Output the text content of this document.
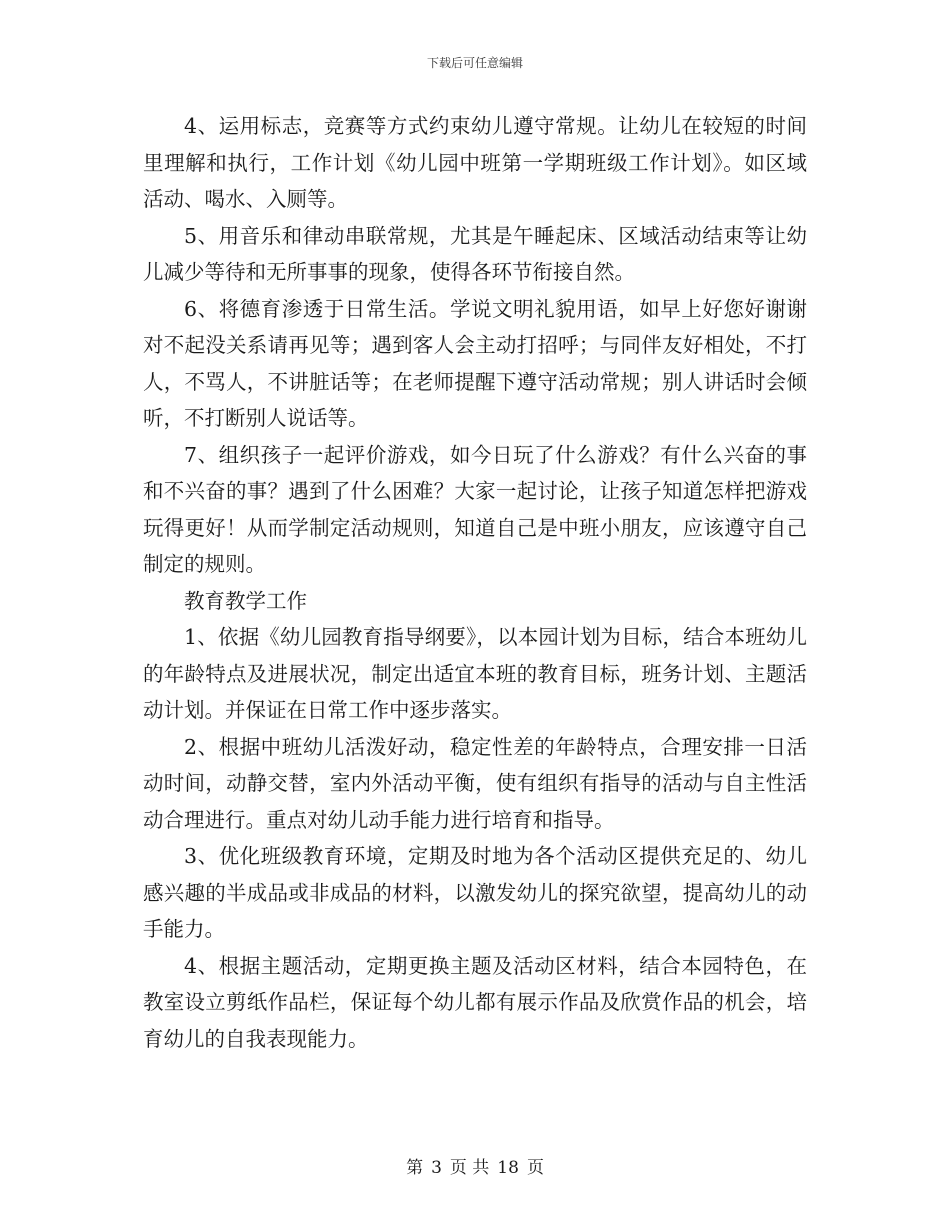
下载后可任意编辑

4、运用标志，竞赛等方式约束幼儿遵守常规。让幼儿在较短的时间里理解和执行，工作计划《幼儿园中班第一学期班级工作计划》。如区域活动、喝水、入厕等。

5、用音乐和律动串联常规，尤其是午睡起床、区域活动结束等让幼儿减少等待和无所事事的现象，使得各环节衔接自然。

6、将德育渗透于日常生活。学说文明礼貌用语，如早上好您好谢谢对不起没关系请再见等；遇到客人会主动打招呼；与同伴友好相处，不打人，不骂人，不讲脏话等；在老师提醒下遵守活动常规；别人讲话时会倾听，不打断别人说话等。

7、组织孩子一起评价游戏，如今日玩了什么游戏？有什么兴奋的事和不兴奋的事？遇到了什么困难？大家一起讨论，让孩子知道怎样把游戏玩得更好！从而学制定活动规则，知道自己是中班小朋友，应该遵守自己制定的规则。

教育教学工作

1、依据《幼儿园教育指导纲要》，以本园计划为目标，结合本班幼儿的年龄特点及进展状况，制定出适宜本班的教育目标，班务计划、主题活动计划。并保证在日常工作中逐步落实。

2、根据中班幼儿活泼好动，稳定性差的年龄特点，合理安排一日活动时间，动静交替，室内外活动平衡，使有组织有指导的活动与自主性活动合理进行。重点对幼儿动手能力进行培育和指导。

3、优化班级教育环境，定期及时地为各个活动区提供充足的、幼儿感兴趣的半成品或非成品的材料，以激发幼儿的探究欲望，提高幼儿的动手能力。

4、根据主题活动，定期更换主题及活动区材料，结合本园特色，在教室设立剪纸作品栏，保证每个幼儿都有展示作品及欣赏作品的机会，培育幼儿的自我表现能力。

第 3 页 共 18 页
